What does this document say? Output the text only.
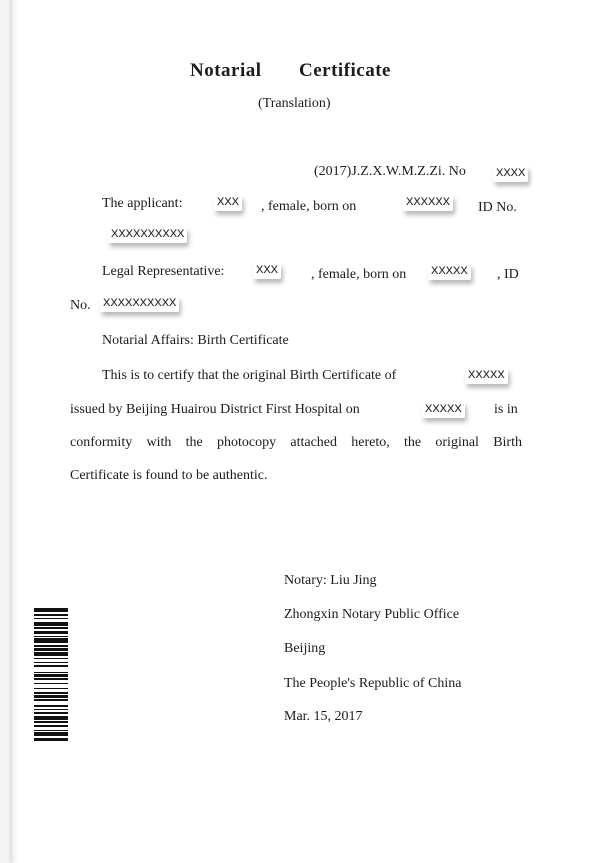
Notarial Certificate
(Translation)
(2017)J.Z.X.W.M.Z.Zi. No	XXXX
The applicant:	XXX , female, born on	XXXXXX ID No.
XXXXXXXXXX
Legal Representative:	XXX , female, born on XXXXX , ID
No. XXXXXXXXXX
Notarial Affairs: Birth Certificate
This is to certify that the original Birth Certificate of	XXXXX
issued by Beijing Huairou District First Hospital on	XXXXX is in
conformity with the photocopy attached hereto, the original Birth
Certificate is found to be authentic.
Notary: Liu Jing
Zhongxin Notary Public Office
Beijing
The People's Republic of China
Mar. 15, 2017
